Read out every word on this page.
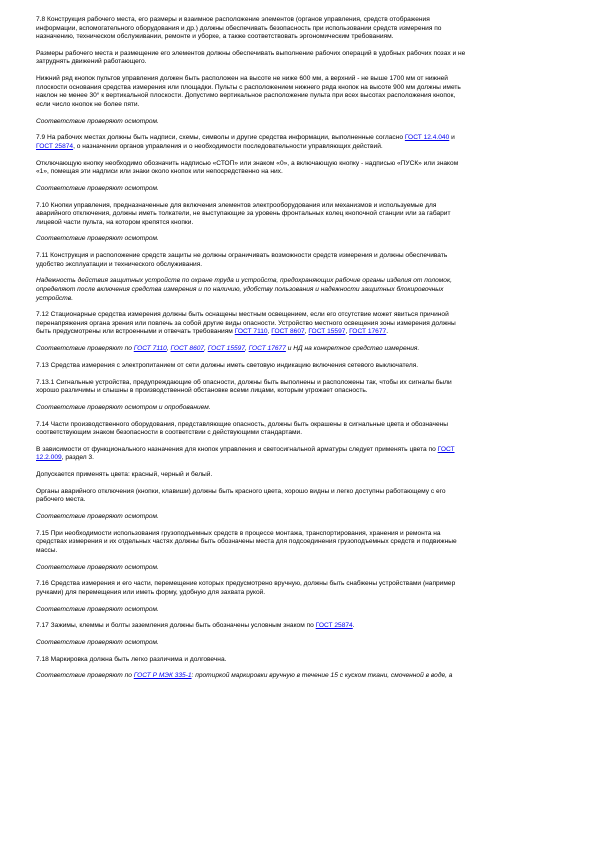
7.8 Конструкция рабочего места, его размеры и взаимное расположение элементов (органов управления, средств отображения
информации, вспомогательного оборудования и др.) должны обеспечивать безопасность при использовании средств измерения по
назначению, техническом обслуживании, ремонте и уборке, а также соответствовать эргономическим требованиям.

Размеры рабочего места и размещение его элементов должны обеспечивать выполнение рабочих операций в удобных рабочих позах и не
затруднять движений работающего.

Нижний ряд кнопок пультов управления должен быть расположен на высоте не ниже 600 мм, а верхний - не выше 1700 мм от нижней
плоскости основания средства измерения или площадки. Пульты с расположением нижнего ряда кнопок на высоте 900 мм должны иметь
наклон не менее 30° к вертикальной плоскости. Допустимо вертикальное расположение пульта при всех высотах расположения кнопок,
если число кнопок не более пяти.

Соответствие проверяют осмотром.

7.9 На рабочих местах должны быть надписи, схемы, символы и другие средства информации, выполненные согласно ГОСТ 12.4.040 и
ГОСТ 25874, о назначении органов управления и о необходимости последовательности управляющих действий.

Отключающую кнопку необходимо обозначить надписью «СТОП» или знаком «0», а включающую кнопку - надписью «ПУСК» или знаком
«1», помещая эти надписи или знаки около кнопок или непосредственно на них.

Соответствие проверяют осмотром.

7.10 Кнопки управления, предназначенные для включения элементов электрооборудования или механизмов и используемые для
аварийного отключения, должны иметь толкатели, не выступающие за уровень фронтальных колец кнопочной станции или за габарит
лицевой части пульта, на котором крепятся кнопки.

Соответствие проверяют осмотром.

7.11 Конструкция и расположение средств защиты не должны ограничивать возможности средств измерения и должны обеспечивать
удобство эксплуатации и технического обслуживания.

Надежность действия защитных устройств по охране труда и устройств, предохраняющих рабочие органы изделия от поломок,
определяют после включения средства измерения и по наличию, удобству пользования и надежности защитных блокировочных
устройств.

7.12 Стационарные средства измерения должны быть оснащены местным освещением, если его отсутствие может явиться причиной
перенапряжения органа зрения или повлечь за собой другие виды опасности. Устройство местного освещения зоны измерения должны
быть предусмотрены или встроенными и отвечать требованиям ГОСТ 7110, ГОСТ 8607, ГОСТ 15597, ГОСТ 17677.

Соответствие проверяют по ГОСТ 7110, ГОСТ 8607, ГОСТ 15597, ГОСТ 17677 и НД на конкретное средство измерения.

7.13 Средства измерения с электропитанием от сети должны иметь световую индикацию включения сетевого выключателя.

7.13.1 Сигнальные устройства, предупреждающие об опасности, должны быть выполнены и расположены так, чтобы их сигналы были
хорошо различимы и слышны в производственной обстановке всеми лицами, которым угрожает опасность.

Соответствие проверяют осмотром и опробованием.

7.14 Части производственного оборудования, представляющие опасность, должны быть окрашены в сигнальные цвета и обозначены
соответствующим знаком безопасности в соответствии с действующими стандартами.

В зависимости от функционального назначения для кнопок управления и светосигнальной арматуры следует применять цвета по ГОСТ
12.2.009, раздел 3.

Допускается применять цвета: красный, черный и белый.

Органы аварийного отключения (кнопки, клавиши) должны быть красного цвета, хорошо видны и легко доступны работающему с его
рабочего места.

Соответствие проверяют осмотром.

7.15 При необходимости использования грузоподъемных средств в процессе монтажа, транспортирования, хранения и ремонта на
средствах измерения и их отдельных частях должны быть обозначены места для подсоединения грузоподъемных средств и подвижные
массы.

Соответствие проверяют осмотром.

7.16 Средства измерения и его части, перемещение которых предусмотрено вручную, должны быть снабжены устройствами (например
ручками) для перемещения или иметь форму, удобную для захвата рукой.

Соответствие проверяют осмотром.

7.17 Зажимы, клеммы и болты заземления должны быть обозначены условным знаком по ГОСТ 25874.

Соответствие проверяют осмотром.

7.18 Маркировка должна быть легко различима и долговечна.

Соответствие проверяют по ГОСТ Р МЭК 335-1: протиркой маркировки вручную в течение 15 с куском ткани, смоченной в воде, а
